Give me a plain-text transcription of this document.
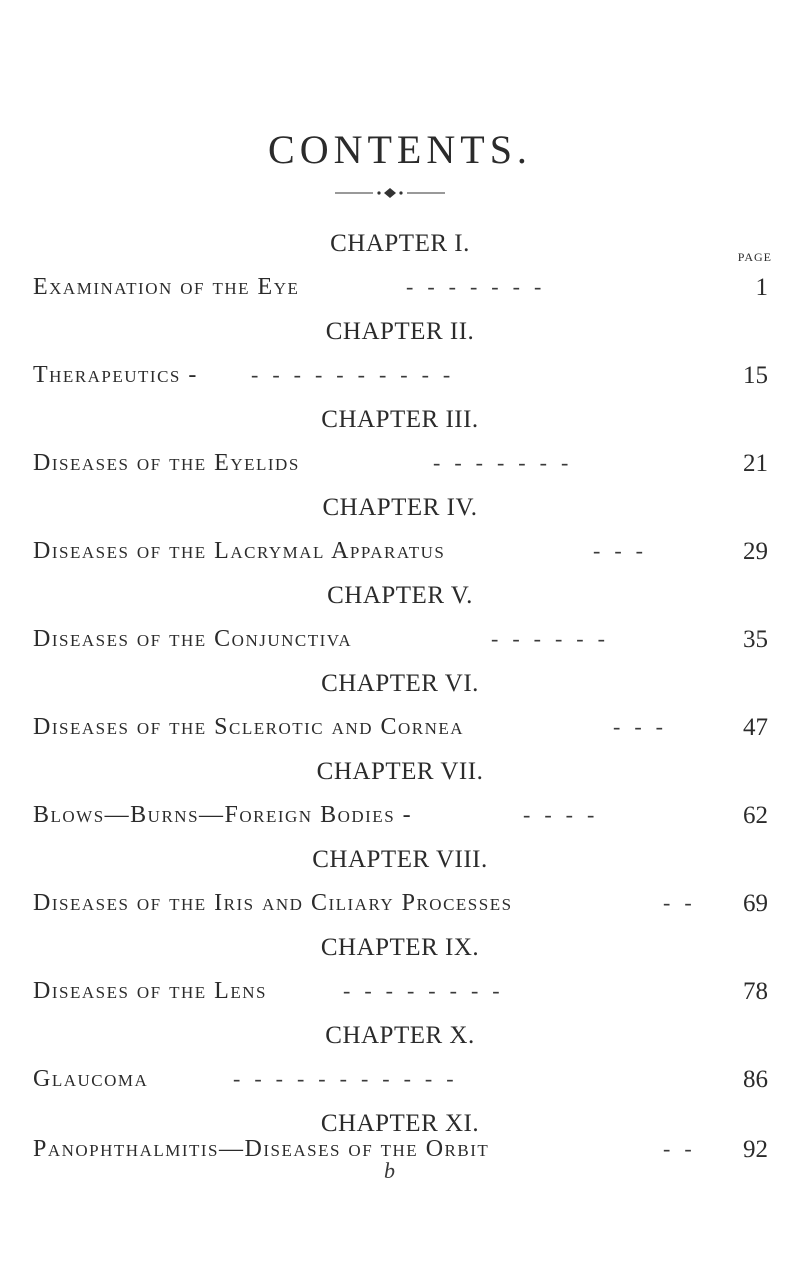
CONTENTS.
PAGE
CHAPTER I.
Examination of the Eye	-------	1
CHAPTER II.
Therapeutics - ----------	15
CHAPTER III.
Diseases of the Eyelids	-------	21
CHAPTER IV.
Diseases of the Lacrymal Apparatus	---	29
CHAPTER V.
Diseases of the Conjunctiva	------	35
CHAPTER VI.
Diseases of the Sclerotic and Cornea	---	47
CHAPTER VII.
Blows—Burns—Foreign Bodies -	----	62
CHAPTER VIII.
Diseases of the Iris and Ciliary Processes	-- 69
CHAPTER IX.
Diseases of the Lens	--------	78
CHAPTER X.
Glaucoma	-----------	86
CHAPTER XI.
Panophthalmitis—Diseases of the Orbit	-- 92
b
